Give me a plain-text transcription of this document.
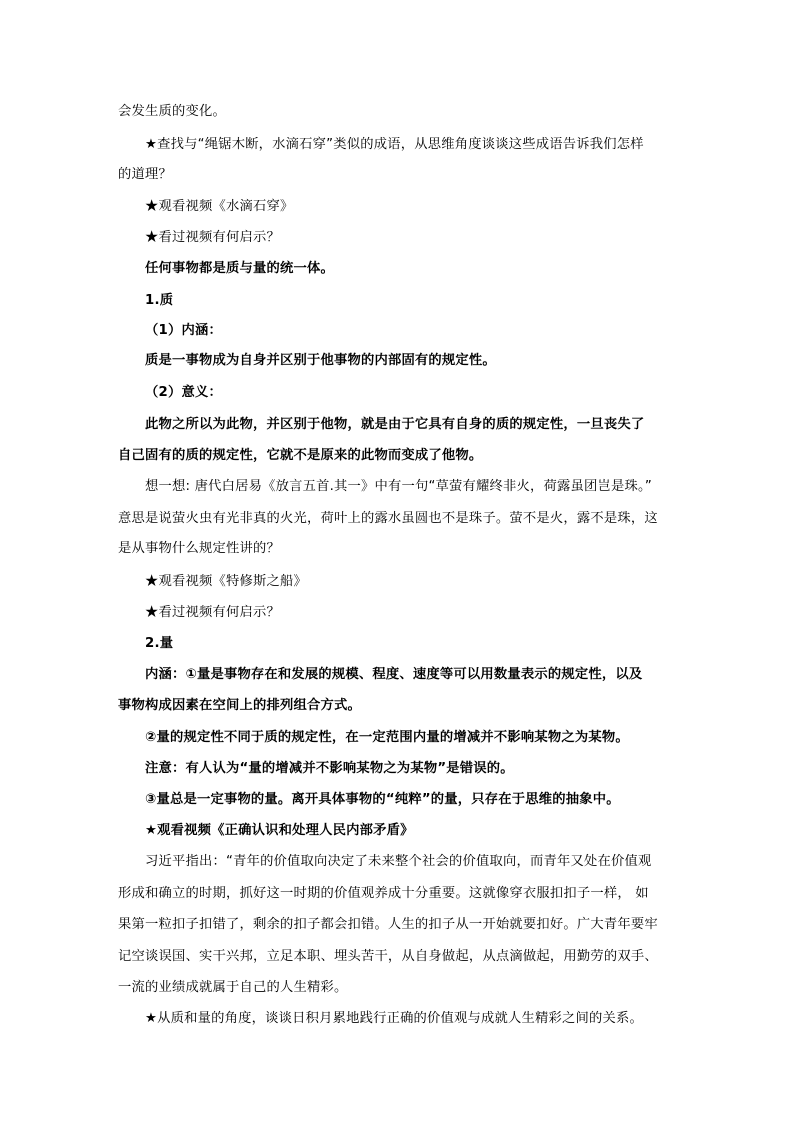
会发生质的变化。
★查找与“绳锯木断，水滴石穿”类似的成语，从思维角度谈谈这些成语告诉我们怎样
的道理？
★观看视频《水滴石穿》
★看过视频有何启示？
任何事物都是质与量的统一体。
1.质
（1）内涵：
质是一事物成为自身并区别于他事物的内部固有的规定性。
（2）意义：
此物之所以为此物，并区别于他物，就是由于它具有自身的质的规定性，一旦丧失了
自己固有的质的规定性，它就不是原来的此物而变成了他物。
想一想: 唐代白居易《放言五首.其一》中有一句“草萤有耀终非火，荷露虽团岂是珠。”
意思是说萤火虫有光非真的火光，荷叶上的露水虽圆也不是珠子。萤不是火，露不是珠，这
是从事物什么规定性讲的？
★观看视频《特修斯之船》
★看过视频有何启示？
2.量
内涵：①量是事物存在和发展的规模、程度、速度等可以用数量表示的规定性，以及
事物构成因素在空间上的排列组合方式。
②量的规定性不同于质的规定性，在一定范围内量的增减并不影响某物之为某物。
注意：有人认为“量的增减并不影响某物之为某物”是错误的。
③量总是一定事物的量。离开具体事物的“纯粹”的量，只存在于思维的抽象中。
★观看视频《正确认识和处理人民内部矛盾》
习近平指出：“青年的价值取向决定了未来整个社会的价值取向，而青年又处在价值观
形成和确立的时期，抓好这一时期的价值观养成十分重要。这就像穿衣服扣扣子一样， 如
果第一粒扣子扣错了，剩余的扣子都会扣错。人生的扣子从一开始就要扣好。广大青年要牢
记空谈误国、实干兴邦，立足本职、埋头苦干，从自身做起，从点滴做起，用勤劳的双手、
一流的业绩成就属于自己的人生精彩。
★从质和量的角度，谈谈日积月累地践行正确的价值观与成就人生精彩之间的关系。
